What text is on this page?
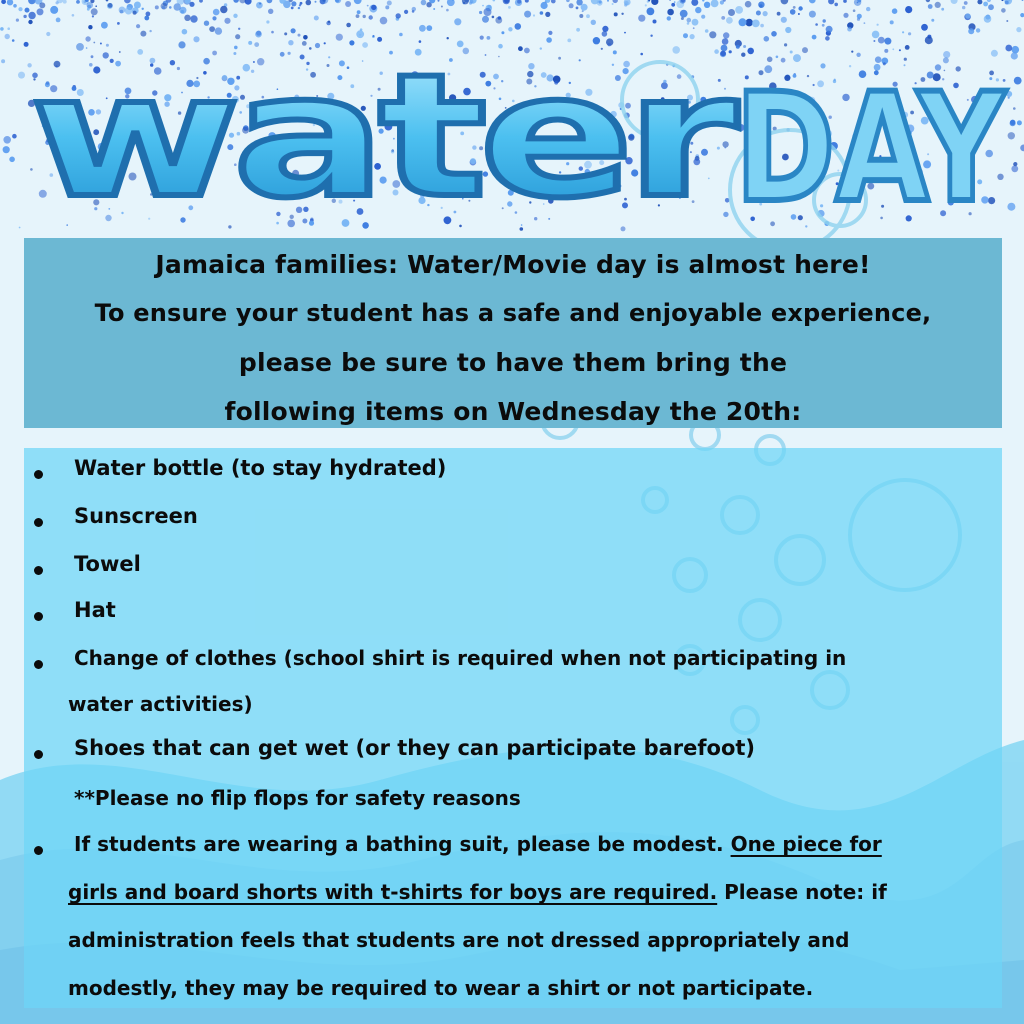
water
DAY
Jamaica families: Water/Movie day is almost here!
To ensure your student has a safe and enjoyable experience,
please be sure to have them bring the
following items on Wednesday the 20th:
Water bottle (to stay hydrated)
Sunscreen
Towel
Hat
Change of clothes (school shirt is required when not participating in
water activities)
Shoes that can get wet (or they can participate barefoot)
**Please no flip flops for safety reasons
If students are wearing a bathing suit, please be modest. One piece for
girls and board shorts with t-shirts for boys are required. Please note: if
administration feels that students are not dressed appropriately and
modestly, they may be required to wear a shirt or not participate.
